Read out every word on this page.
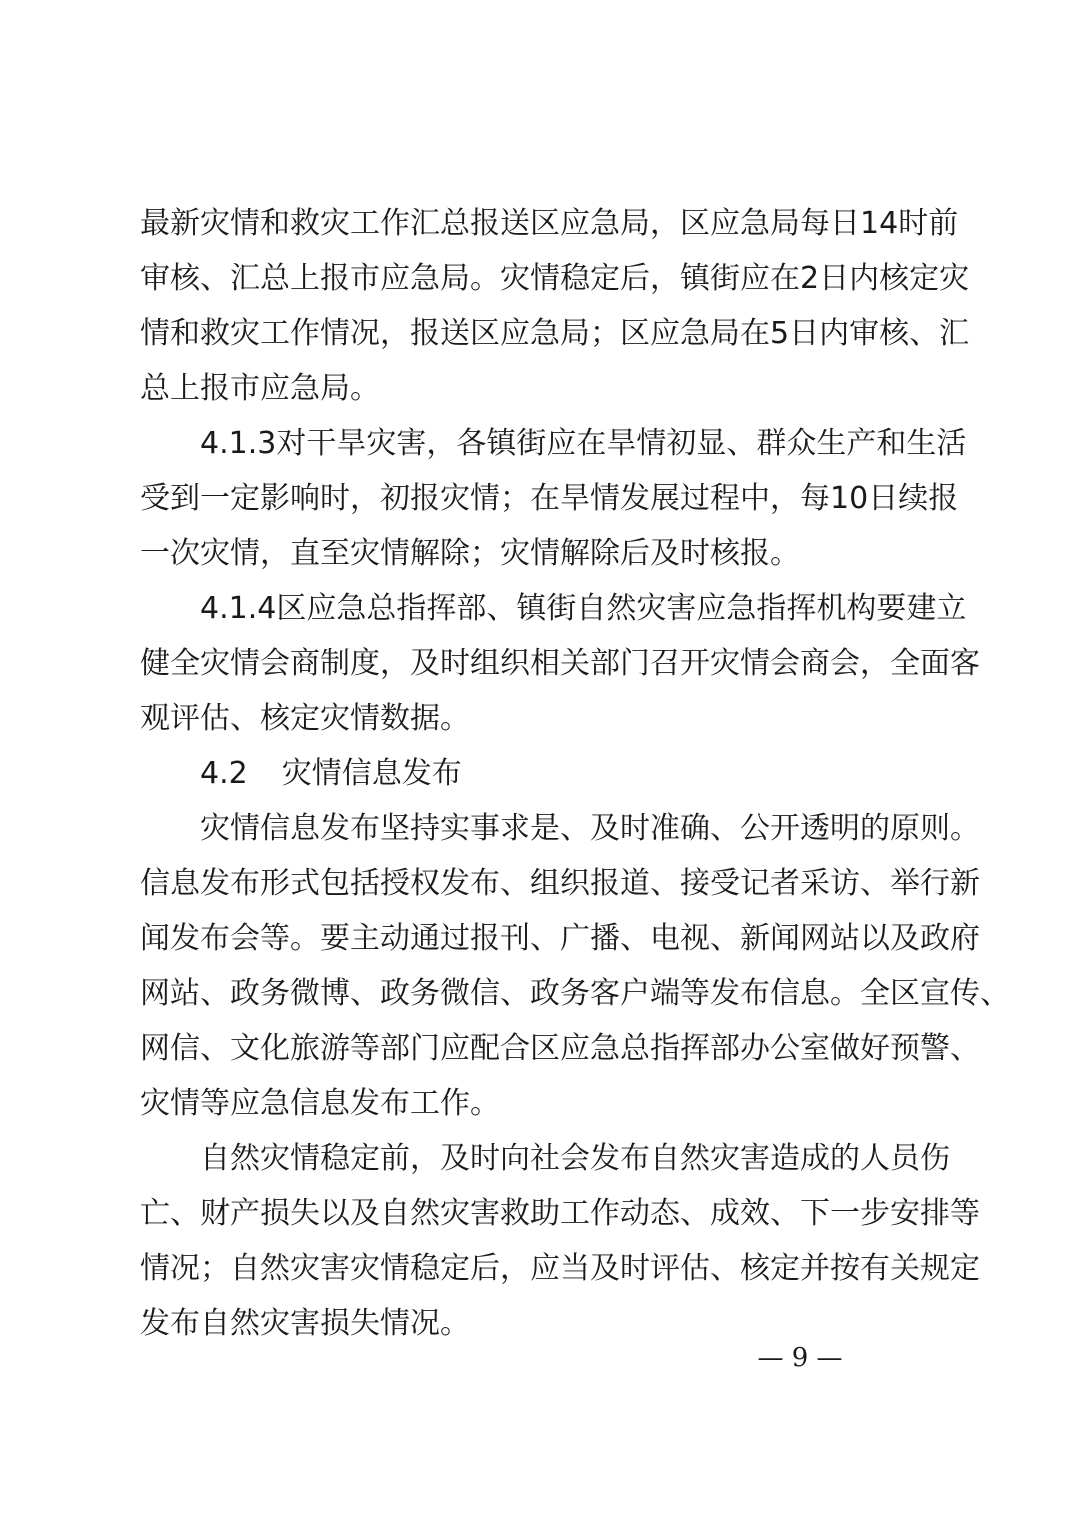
最 新 灾 情 和 救 灾 工 作 汇 总 报 送 区 应 急 局 ， 区 应 急 局 每 日 14 时 前
审 核 、 汇 总 上 报 市 应 急 局 。 灾 情 稳 定 后 ， 镇 街 应 在 2 日 内 核 定 灾
情 和 救 灾 工 作 情 况 ， 报 送 区 应 急 局 ； 区 应 急 局 在 5 日 内 审 核 、 汇
总上报市应急局。
4.1.3 对 干 旱 灾 害 ， 各 镇 街 应 在 旱 情 初 显 、 群 众 生 产 和 生 活
受 到 一 定 影 响 时 ， 初 报 灾 情 ； 在 旱 情 发 展 过 程 中 ， 每 10 日 续 报
一次灾情，直至灾情解除；灾情解除后及时核报。
4.1.4 区 应 急 总 指 挥 部 、 镇 街 自 然 灾 害 应 急 指 挥 机 构 要 建 立
健 全 灾 情 会 商 制 度 ， 及 时 组 织 相 关 部 门 召 开 灾 情 会 商 会 ， 全 面 客
观评估、核定灾情数据。
4.2 灾情信息发布
灾 情 信 息 发 布 坚 持 实 事 求 是 、 及 时 准 确 、 公 开 透 明 的 原 则 。
信 息 发 布 形 式 包 括 授 权 发 布 、 组 织 报 道 、 接 受 记 者 采 访 、 举 行 新
闻 发 布 会 等 。 要 主 动 通 过 报 刊 、 广 播 、 电 视 、 新 闻 网 站 以 及 政 府
网 站 、 政 务 微 博 、 政 务 微 信 、 政 务 客 户 端 等 发 布 信 息 。 全 区 宣 传 、
网 信 、 文 化 旅 游 等 部 门 应 配 合 区 应 急 总 指 挥 部 办 公 室 做 好 预 警 、
灾情等应急信息发布工作。
自 然 灾 情 稳 定 前 ， 及 时 向 社 会 发 布 自 然 灾 害 造 成 的 人 员 伤
亡 、 财 产 损 失 以 及 自 然 灾 害 救 助 工 作 动 态 、 成 效 、 下 一 步 安 排 等
情 况 ； 自 然 灾 害 灾 情 稳 定 后 ， 应 当 及 时 评 估 、 核 定 并 按 有 关 规 定
发布自然灾害损失情况。
— 9 —
